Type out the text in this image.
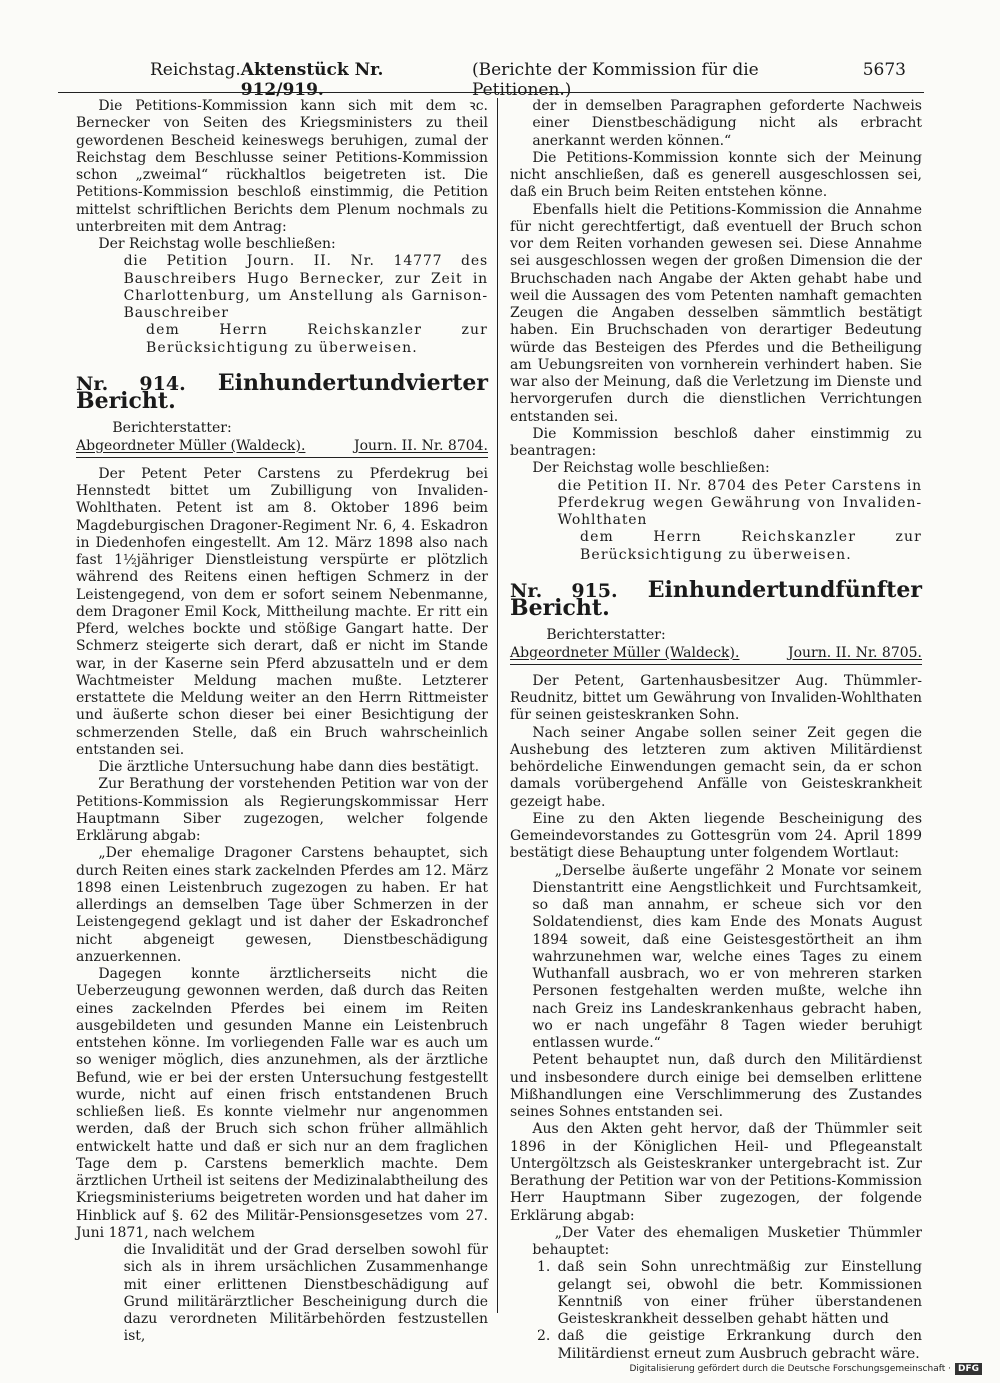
Reichstag. Aktenstück Nr. 912/919.
(Berichte der Kommission für die Petitionen.)
5673

Die Petitions-Kommission kann sich mit dem ꝛc. Bernecker von Seiten des Kriegsministers zu theil gewordenen Bescheid keineswegs beruhigen, zumal der Reichstag dem Beschlusse seiner Petitions-Kommission schon „zweimal“ rückhaltlos beigetreten ist. Die Petitions-Kommission beschloß einstimmig, die Petition mittelst schriftlichen Berichts dem Plenum nochmals zu unterbreiten mit dem Antrag:

Der Reichstag wolle beschließen:

die Petition Journ. II. Nr. 14777 des Bauschreibers Hugo Bernecker, zur Zeit in Charlottenburg, um Anstellung als Garnison-Bauschreiber

dem Herrn Reichskanzler zur Berücksichtigung zu überweisen.

Nr. 914. Einhundertundvierter Bericht.

Berichterstatter:

Abgeordneter Müller (Waldeck).	Journ. II. Nr. 8704.

Der Petent Peter Carstens zu Pferdekrug bei Hennstedt bittet um Zubilligung von Invaliden-Wohlthaten. Petent ist am 8. Oktober 1896 beim Magdeburgischen Dragoner-Regiment Nr. 6, 4. Eskadron in Diedenhofen eingestellt. Am 12. März 1898 also nach fast 1½jähriger Dienstleistung verspürte er plötzlich während des Reitens einen heftigen Schmerz in der Leistengegend, von dem er sofort seinem Nebenmanne, dem Dragoner Emil Kock, Mittheilung machte. Er ritt ein Pferd, welches bockte und stößige Gangart hatte. Der Schmerz steigerte sich derart, daß er nicht im Stande war, in der Kaserne sein Pferd abzusatteln und er dem Wachtmeister Meldung machen mußte. Letzterer erstattete die Meldung weiter an den Herrn Rittmeister und äußerte schon dieser bei einer Besichtigung der schmerzenden Stelle, daß ein Bruch wahrscheinlich entstanden sei.

Die ärztliche Untersuchung habe dann dies bestätigt.

Zur Berathung der vorstehenden Petition war von der Petitions-Kommission als Regierungskommissar Herr Hauptmann Siber zugezogen, welcher folgende Erklärung abgab:

„Der ehemalige Dragoner Carstens behauptet, sich durch Reiten eines stark zackelnden Pferdes am 12. März 1898 einen Leistenbruch zugezogen zu haben. Er hat allerdings an demselben Tage über Schmerzen in der Leistengegend geklagt und ist daher der Eskadronchef nicht abgeneigt gewesen, Dienstbeschädigung anzuerkennen.

Dagegen konnte ärztlicherseits nicht die Ueberzeugung gewonnen werden, daß durch das Reiten eines zackelnden Pferdes bei einem im Reiten ausgebildeten und gesunden Manne ein Leistenbruch entstehen könne. Im vorliegenden Falle war es auch um so weniger möglich, dies anzunehmen, als der ärztliche Befund, wie er bei der ersten Untersuchung festgestellt wurde, nicht auf einen frisch entstandenen Bruch schließen ließ. Es konnte vielmehr nur angenommen werden, daß der Bruch sich schon früher allmählich entwickelt hatte und daß er sich nur an dem fraglichen Tage dem p. Carstens bemerklich machte. Dem ärztlichen Urtheil ist seitens der Medizinalabtheilung des Kriegsministeriums beigetreten worden und hat daher im Hinblick auf §. 62 des Militär-Pensionsgesetzes vom 27. Juni 1871, nach welchem

die Invalidität und der Grad derselben sowohl für sich als in ihrem ursächlichen Zusammenhange mit einer erlittenen Dienstbeschädigung auf Grund militärärztlicher Bescheinigung durch die dazu verordneten Militärbehörden festzustellen ist,

der in demselben Paragraphen geforderte Nachweis einer Dienstbeschädigung nicht als erbracht anerkannt werden können.“

Die Petitions-Kommission konnte sich der Meinung nicht anschließen, daß es generell ausgeschlossen sei, daß ein Bruch beim Reiten entstehen könne.

Ebenfalls hielt die Petitions-Kommission die Annahme für nicht gerechtfertigt, daß eventuell der Bruch schon vor dem Reiten vorhanden gewesen sei. Diese Annahme sei ausgeschlossen wegen der großen Dimension die der Bruchschaden nach Angabe der Akten gehabt habe und weil die Aussagen des vom Petenten namhaft gemachten Zeugen die Angaben desselben sämmtlich bestätigt haben. Ein Bruchschaden von derartiger Bedeutung würde das Besteigen des Pferdes und die Betheiligung am Uebungsreiten von vornherein verhindert haben. Sie war also der Meinung, daß die Verletzung im Dienste und hervorgerufen durch die dienstlichen Verrichtungen entstanden sei.

Die Kommission beschloß daher einstimmig zu beantragen:

Der Reichstag wolle beschließen:

die Petition II. Nr. 8704 des Peter Carstens in Pferdekrug wegen Gewährung von Invaliden-Wohlthaten

dem Herrn Reichskanzler zur Berücksichtigung zu überweisen.

Nr. 915. Einhundertundfünfter Bericht.

Berichterstatter:

Abgeordneter Müller (Waldeck).	Journ. II. Nr. 8705.

Der Petent, Gartenhausbesitzer Aug. Thümmler-Reudnitz, bittet um Gewährung von Invaliden-Wohlthaten für seinen geisteskranken Sohn.

Nach seiner Angabe sollen seiner Zeit gegen die Aushebung des letzteren zum aktiven Militärdienst behördeliche Einwendungen gemacht sein, da er schon damals vorübergehend Anfälle von Geisteskrankheit gezeigt habe.

Eine zu den Akten liegende Bescheinigung des Gemeindevorstandes zu Gottesgrün vom 24. April 1899 bestätigt diese Behauptung unter folgendem Wortlaut:

„Derselbe äußerte ungefähr 2 Monate vor seinem Dienstantritt eine Aengstlichkeit und Furchtsamkeit, so daß man annahm, er scheue sich vor den Soldatendienst, dies kam Ende des Monats August 1894 soweit, daß eine Geistesgestörtheit an ihm wahrzunehmen war, welche eines Tages zu einem Wuthanfall ausbrach, wo er von mehreren starken Personen festgehalten werden mußte, welche ihn nach Greiz ins Landeskrankenhaus gebracht haben, wo er nach ungefähr 8 Tagen wieder beruhigt entlassen wurde.“

Petent behauptet nun, daß durch den Militärdienst und insbesondere durch einige bei demselben erlittene Mißhandlungen eine Verschlimmerung des Zustandes seines Sohnes entstanden sei.

Aus den Akten geht hervor, daß der Thümmler seit 1896 in der Königlichen Heil- und Pflegeanstalt Untergöltzsch als Geisteskranker untergebracht ist. Zur Berathung der Petition war von der Petitions-Kommission Herr Hauptmann Siber zugezogen, der folgende Erklärung abgab:

„Der Vater des ehemaligen Musketier Thümmler behauptet:

1. daß sein Sohn unrechtmäßig zur Einstellung gelangt sei, obwohl die betr. Kommissionen Kenntniß von einer früher überstandenen Geisteskrankheit desselben gehabt hätten und
2. daß die geistige Erkrankung durch den Militärdienst erneut zum Ausbruch gebracht wäre.
Digitalisierung gefördert durch die Deutsche Forschungsgemeinschaft · DFG
